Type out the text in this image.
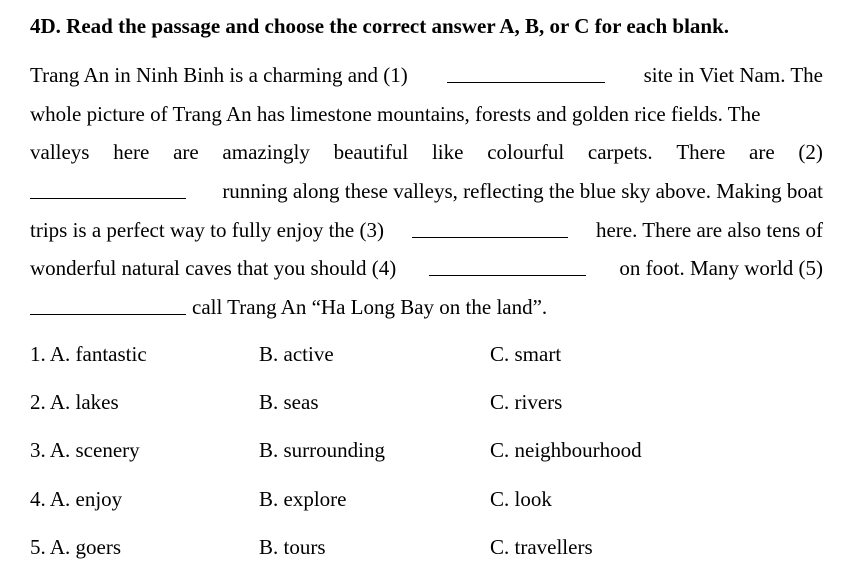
4D. Read the passage and choose the correct answer A, B, or C for each blank.
Trang An in Ninh Binh is a charming and (1)	site in Viet Nam. The
whole picture of Trang An has limestone mountains, forests and golden rice fields. The
valleys here are amazingly beautiful like colourful carpets. There are (2)
running along these valleys, reflecting the blue sky above. Making boat
trips is a perfect way to fully enjoy the (3)	here. There are also tens of
wonderful natural caves that you should (4)	on foot. Many world (5)
call Trang An “Ha Long Bay on the land”.
1. A. fantastic	B. active	C. smart
2. A. lakes	B. seas	C. rivers
3. A. scenery	B. surrounding	C. neighbourhood
4. A. enjoy	B. explore	C. look
5. A. goers	B. tours	C. travellers
